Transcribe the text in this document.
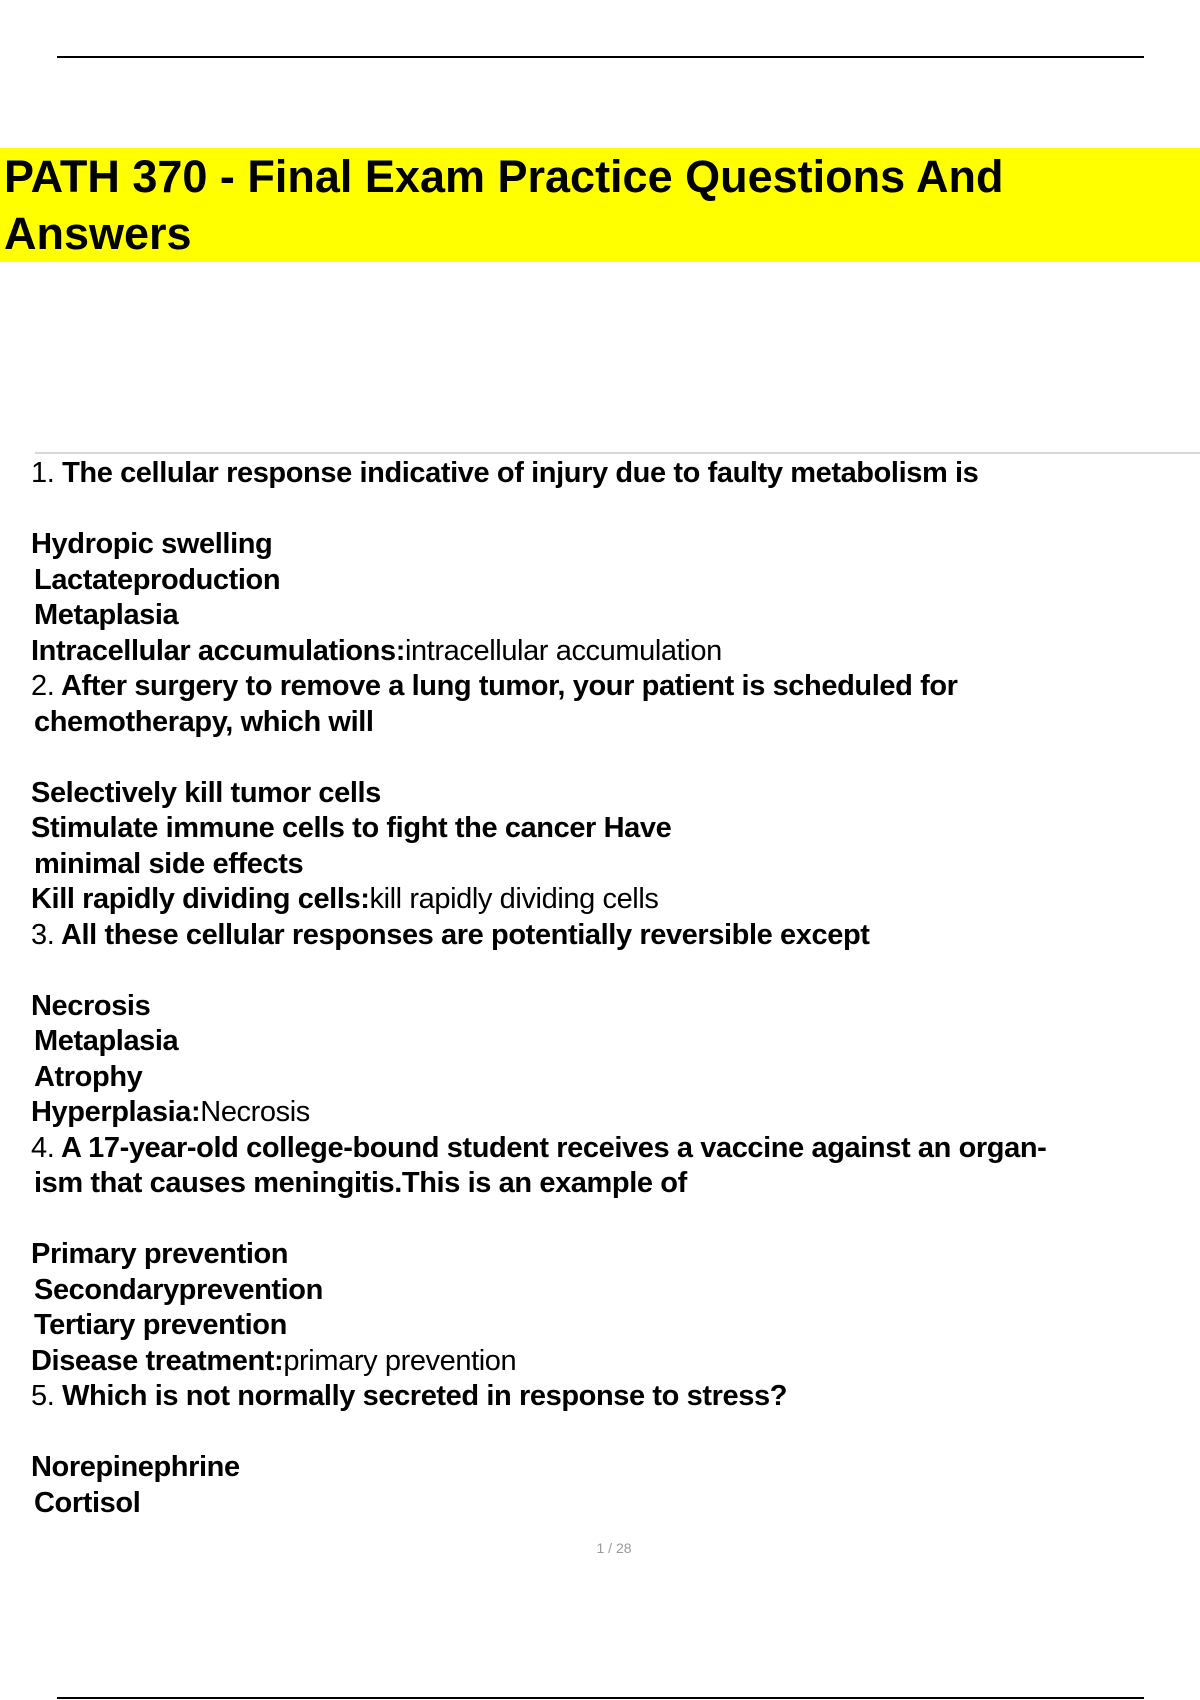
PATH 370 - Final Exam Practice Questions And Answers
1. The cellular response indicative of injury due to faulty metabolism is
Hydropic swelling
Lactateproduction
Metaplasia
Intracellular accumulations:intracellular accumulation
2. After surgery to remove a lung tumor, your patient is scheduled for
chemotherapy, which will
Selectively kill tumor cells
Stimulate immune cells to fight the cancer Have
minimal side effects
Kill rapidly dividing cells:kill rapidly dividing cells
3. All these cellular responses are potentially reversible except
Necrosis
Metaplasia
Atrophy
Hyperplasia:Necrosis
4. A 17-year-old college-bound student receives a vaccine against an organ-
ism that causes meningitis.This is an example of
Primary prevention
Secondaryprevention
Tertiary prevention
Disease treatment:primary prevention
5. Which is not normally secreted in response to stress?
Norepinephrine
Cortisol
1 / 28
